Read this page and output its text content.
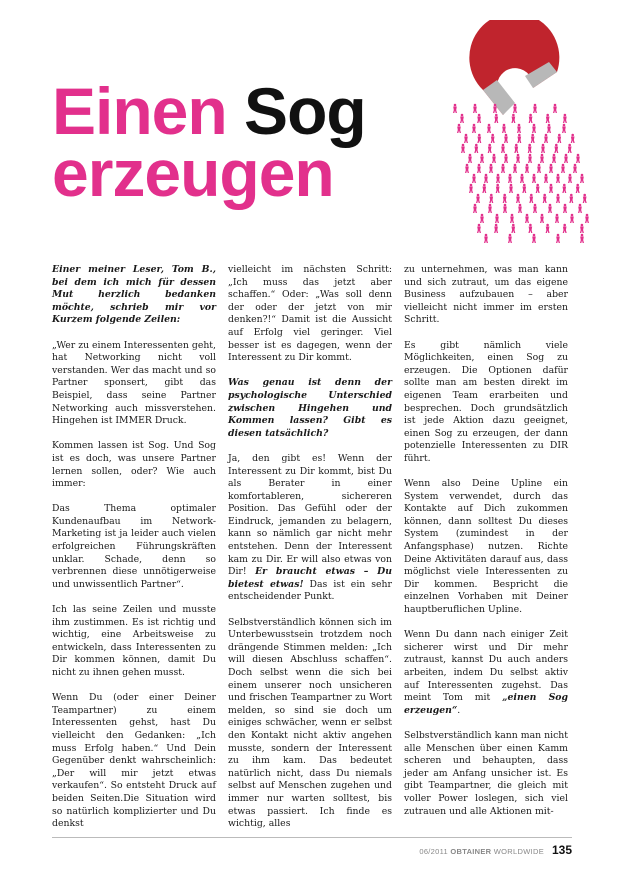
Einen Sog
erzeugen

Einer meiner Leser, Tom B., bei dem ich mich für dessen Mut herzlich bedanken möchte, schrieb mir vor Kurzem folgende Zeilen:

„Wer zu einem Interessenten geht, hat Networking nicht voll verstanden. Wer das macht und so Partner sponsert, gibt das Beispiel, dass seine Partner Networking auch missverstehen. Hingehen ist IMMER Druck.

Kommen lassen ist Sog. Und Sog ist es doch, was unsere Partner lernen sollen, oder? Wie auch immer:

Das Thema optimaler Kundenaufbau im Network-Marketing ist ja leider auch vielen erfolgreichen Führungskräften unklar. Schade, denn so verbrennen diese unnötigerweise und unwissentlich Partner“.

Ich las seine Zeilen und musste ihm zustimmen. Es ist richtig und wichtig, eine Arbeitsweise zu entwickeln, dass Interessenten zu Dir kommen können, damit Du nicht zu ihnen gehen musst.

Wenn Du (oder einer Deiner Teampartner) zu einem Interessenten gehst, hast Du vielleicht den Gedanken: „Ich muss Erfolg haben.“ Und Dein Gegenüber denkt wahrscheinlich: „Der will mir jetzt etwas verkaufen“. So entsteht Druck auf beiden Seiten.Die Situation wird so natürlich komplizierter und Du denkst

vielleicht im nächsten Schritt: „Ich muss das jetzt aber schaffen.“ Oder: „Was soll denn der oder der jetzt von mir denken?!“ Damit ist die Aussicht auf Erfolg viel geringer. Viel besser ist es dagegen, wenn der Interessent zu Dir kommt.

Was genau ist denn der psychologische Unterschied zwischen Hingehen und Kommen lassen? Gibt es diesen tatsächlich?

Ja, den gibt es! Wenn der Interessent zu Dir kommt, bist Du als Berater in einer komfortableren, sichereren Position. Das Gefühl oder der Eindruck, jemanden zu belagern, kann so nämlich gar nicht mehr entstehen. Denn der Interessent kam zu Dir. Er will also etwas von Dir! Er braucht etwas – Du bietest etwas! Das ist ein sehr entscheidender Punkt.

Selbstverständlich können sich im Unterbewusstsein trotzdem noch drängende Stimmen melden: „Ich will diesen Abschluss schaffen“. Doch selbst wenn die sich bei einem unserer noch unsicheren und frischen Teampartner zu Wort melden, so sind sie doch um einiges schwächer, wenn er selbst den Kontakt nicht aktiv angehen musste, sondern der Interessent zu ihm kam. Das bedeutet natürlich nicht, dass Du niemals selbst auf Menschen zugehen und immer nur warten solltest, bis etwas passiert. Ich finde es wichtig, alles

zu unternehmen, was man kann und sich zutraut, um das eigene Business aufzubauen – aber vielleicht nicht immer im ersten Schritt.

Es gibt nämlich viele Möglichkeiten, einen Sog zu erzeugen. Die Optionen dafür sollte man am besten direkt im eigenen Team erarbeiten und besprechen. Doch grundsätzlich ist jede Aktion dazu geeignet, einen Sog zu erzeugen, der dann potenzielle Interessenten zu DIR führt.

Wenn also Deine Upline ein System verwendet, durch das Kontakte auf Dich zukommen können, dann solltest Du dieses System (zumindest in der Anfangsphase) nutzen. Richte Deine Aktivitäten darauf aus, dass möglichst viele Interessenten zu Dir kommen. Bespricht die einzelnen Vorhaben mit Deiner hauptberuflichen Upline.

Wenn Du dann nach einiger Zeit sicherer wirst und Dir mehr zutraust, kannst Du auch anders arbeiten, indem Du selbst aktiv auf Interessenten zugehst. Das meint Tom mit „einen Sog erzeugen“.

Selbstverständlich kann man nicht alle Menschen über einen Kamm scheren und behaupten, dass jeder am Anfang unsicher ist. Es gibt Teampartner, die gleich mit voller Power loslegen, sich viel zutrauen und alle Aktionen mit-

06/2011 OBTAINER WORLDWIDE 135
